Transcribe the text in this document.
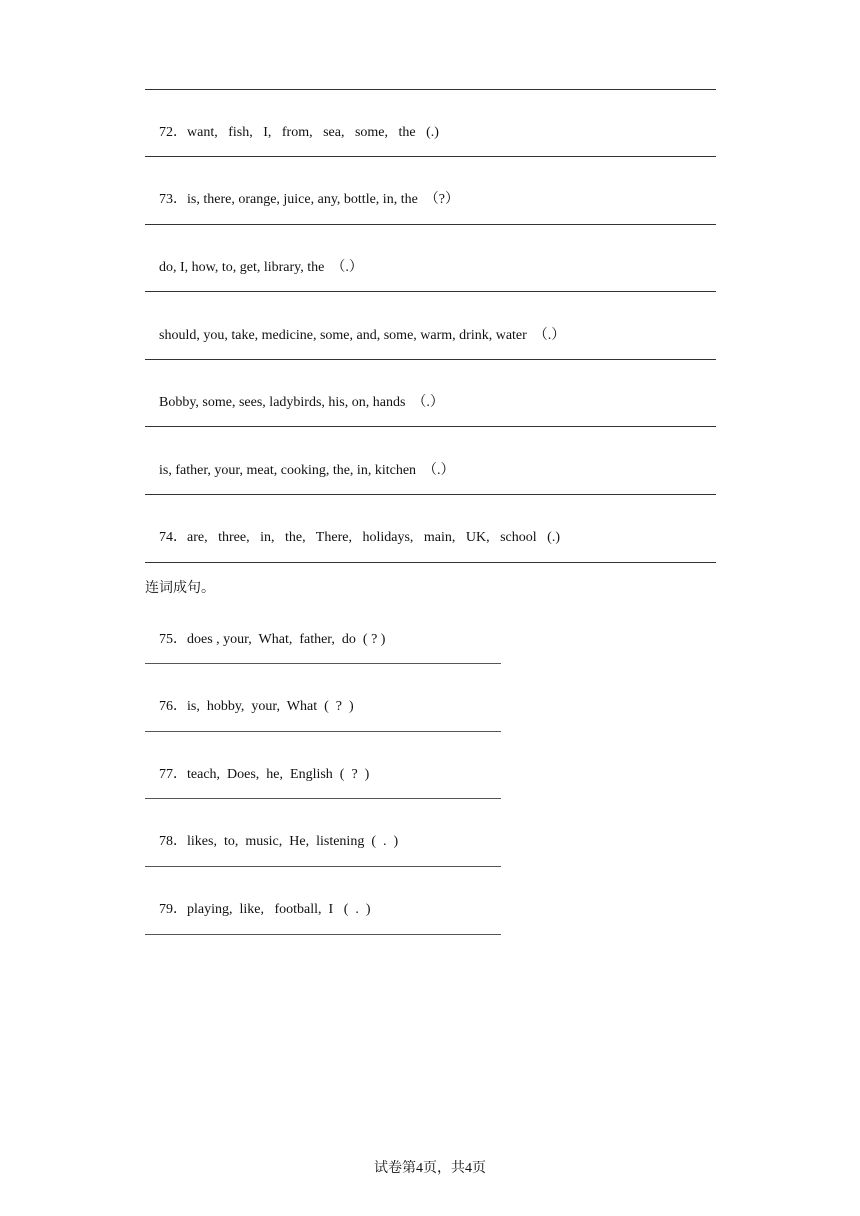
72．want,   fish,   I,   from,   sea,   some,   the   (.)

73．is, there, orange, juice, any, bottle, in, the  （?）

do, I, how, to, get, library, the  （.）

should, you, take, medicine, some, and, some, warm, drink, water  （.）

Bobby, some, sees, ladybirds, his, on, hands  （.）

is, father, your, meat, cooking, the, in, kitchen  （.）

74．are,   three,   in,   the,   There,   holidays,   main,   UK,   school   (.)

连词成句。

75．does , your,  What,  father,  do  ( ? )

76．is,  hobby,  your,  What  (  ?  )

77．teach,  Does,  he,  English  (  ?  )

78．likes,  to,  music,  He,  listening  (  .  )

79．playing,  like,   football,  I   (  .  )

试卷第4页，共4页
